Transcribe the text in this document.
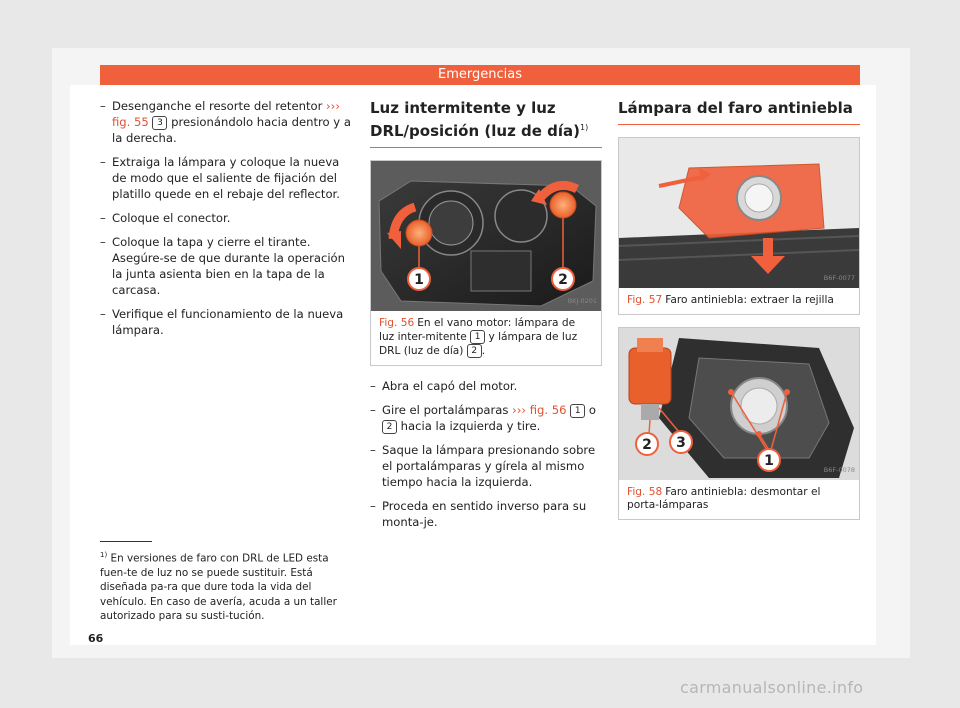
Emergencias
– Desenganche el resorte del retentor ››› fig. 55 3 presionándolo hacia dentro y a la derecha.
– Extraiga la lámpara y coloque la nueva de modo que el saliente de fijación del platillo quede en el rebaje del reflector.
– Coloque el conector.
– Coloque la tapa y cierre el tirante. Asegúre-se de que durante la operación la junta asienta bien en la tapa de la carcasa.
– Verifique el funcionamiento de la nueva lámpara.
Luz intermitente y luz DRL/posición (luz de día)$^{1)}$
1	2
BKJ-0201
Fig. 56 En el vano motor: lámpara de luz inter-mitente 1 y lámpara de luz DRL (luz de día) 2 .
– Abra el capó del motor.
– Gire el portalámparas ››› fig. 56 1 o 2 hacia la izquierda y tire.
– Saque la lámpara presionando sobre el portalámparas y gírela al mismo tiempo hacia la izquierda.
– Proceda en sentido inverso para su monta-je.
Lámpara del faro antiniebla
B6F-0077
Fig. 57 Faro antiniebla: extraer la rejilla
1
2 3
B6F-0078
Fig. 58 Faro antiniebla: desmontar el porta-lámparas
$^{1)}$ En versiones de faro con DRL de LED esta fuen-te de luz no se puede sustituir. Está diseñada pa-ra que dure toda la vida del vehículo. En caso de avería, acuda a un taller autorizado para su susti-tución.
66
carmanualsonline.info
